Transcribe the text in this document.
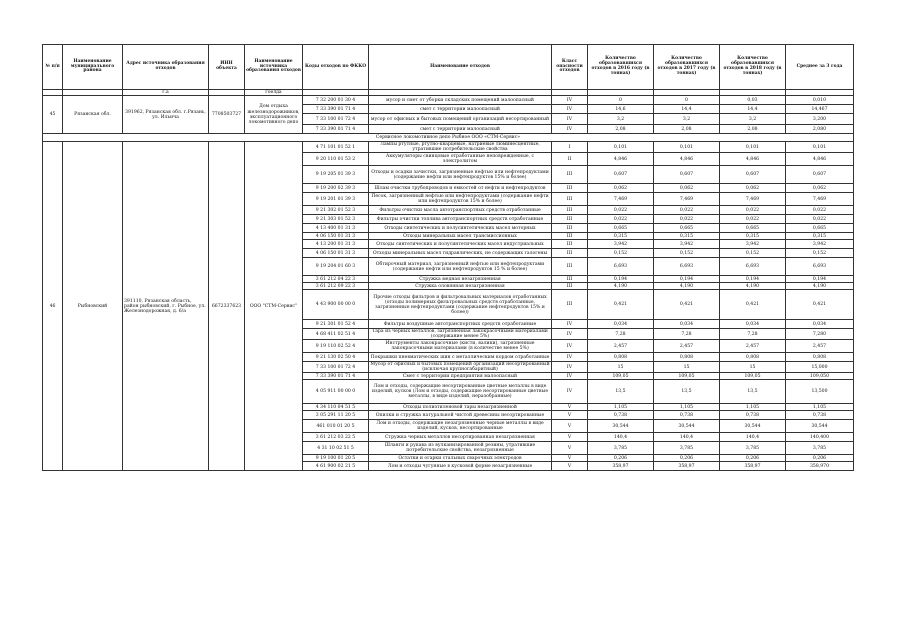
№ п/п	Наименование муниципального района	Адрес источника образования отходов	ИНН объекта	Наименование источника образования отходов	Коды отходов по ФККО	Наименование отходов	Класс опасности отходов	Количество образовавшихся отходов в 2016 году (в тоннах)	Количество образовавшихся отходов в 2017 году (в тоннах)	Количество образовавшихся отходов в 2018 году (в тоннах)	Среднее за 3 года
		г.а		гоелда							
45	Рязанская обл.	391962, Рязанская обл. г.Рязань, ул. Ильича	7708503727	Дом отдыха железнодорожников, эксплуатационного локомотивного депо	7 32 200 01 30 4	мусор и смет от уборки складских помещений малоопасный	IV	0	0	0,03	0,010
					7 33 390 01 71 4	смет с территории малоопасный	IV	14,6	14,4	14,4	14,467
					7 33 100 01 72 4	мусор от офисных и бытовых помещений организаций несортированный	IV	3,2	3,2	3,2	3,200
					7 33 390 01 71 4	смет с территории малоопасный	IV	2,08	2,08	2,08	2,080
Сервисное локомотивное депо Рыбное ООО «СТМ-Сервис»											
46	Рыбновский	391110, Рязанская область, район рыбновский, г. Рыбное, ул. Железнодорожная, д. 6/а	6672337623	ООО "СТМ-Сервис"	4 71 101 01 52 1	Лампы ртутные, ртутно-кварцевые, натриевые люминесцентные, утратившие потребительские свойства	I	0,101	0,101	0,101	0,101
					9 20 110 01 53 2	Аккумуляторы свинцовые отработанные неповрежденные, с электролитом	II	4,846	4,846	4,846	4,846
					9 19 205 01 39 3	Отходы и осадки зачистки, загрязненные нефтью или нефтепродуктами (содержание нефти или нефтепродуктов 15% и более)	III	0,607	0,607	0,607	0,607
					9 19 200 02 39 3	Шлам очистки трубопроводов и емкостей от нефти и нефтепродуктов	III	0,062	0,062	0,062	0,062
					9 19 201 01 39 3	Песок, загрязненный нефтью или нефтепродуктами (содержание нефти или нефтепродуктов 15% и более)	III	7,469	7,469	7,469	7,469
					9 21 302 01 52 3	Фильтры очистки масла автотранспортных средств отработанные	III	0,022	0,022	0,022	0,022
					9 21 303 01 52 3	Фильтры очистки топлива автотранспортных средств отработанные	III	0,022	0,022	0,022	0,022
					4 13 400 01 31 3	Отходы синтетических и полусинтетических масел моторных	III	0,665	0,665	0,665	0,665
					4 06 150 01 31 3	Отходы минеральных масел трансмиссионных	III	0,315	0,315	0,315	0,315
					4 13 200 01 31 3	Отходы синтетических и полусинтетических масел индустриальных	III	3,942	3,942	3,942	3,942
					4 06 150 01 31 3	Отходы минеральных масел гидравлических, не содержащих галогены	III	0,152	0,152	0,152	0,152
					9 19 204 01 60 3	Обтирочный материал, загрязненный нефтью или нефтепродуктами (содержание нефти или нефтепродуктов 15 % и более)	III	6,693	6,693	6,693	6,693
					3 61 212 04 22 3	Стружка медная незагрязненная	III	0,194	0,194	0,194	0,194
					3 61 212 09 22 3	Стружка оловянная незагрязненная	III	4,190	4,190	4,190	4,190
					4 43 900 00 00 0	Прочие отходы фильтров и фильтровальных материалов отработанных (отходы полимерных фильтровальных средств отработанные, загрязненные нефтепродуктами (содержание нефтепродуктов 15% и более))	III	0,421	0,421	0,421	0,421
					9 21 301 01 52 4	Фильтры воздушные автотранспортных средств отработанные	IV	0,034	0,034	0,034	0,034
					4 68 411 02 51 4	Тара из черных металлов, загрязненная лакокрасочными материалами (содержание менее 5%)	IV	7,28	7,28	7,28	7,280
					9 19 110 02 52 4	Инструменты лакокрасочные (кисти, валики), загрязненные лакокрасочными материалами (в количестве менее 5%)	IV	2,457	2,457	2,457	2,457
					9 21 130 02 50 4	Покрышки пневматических шин с металлическим кордом отработанные	IV	0,808	0,808	0,808	0,808
					7 33 100 01 72 4	Мусор от офисных и бытовых помещений организаций несортированный (исключая крупногабаритный)	IV	15	15	15	15,000
					7 33 390 01 71 4	Смет с территории предприятия малоопасный	IV	109,05	109,05	109,05	109,050
					4 05 911 00 00 0	Лом и отходы, содержащие несортированные цветные металлы в виде изделий, кусков (Лом и отходы, содержащие несортированные цветные металлы, в виде изделий, неразобранные)	IV	13,5	13,5	13,5	13,500
					4 34 110 04 51 5	Отходы полиэтиленовой тары незагрязненной	V	1,105	1,105	1,105	1,105
					3 05 291 11 20 5	Опилки и стружка натуральной чистой древесины несортированные	V	0,738	0,738	0,738	0,738
					461 010 01 20 5	Лом и отходы, содержащие незагрязненные черные металлы в виде изделий, кусков, несортированные	V	30,544	30,544	30,544	30,544
					3 61 212 03 22 5	Стружка черных металлов несортированная незагрязненная	V	140,4	140,4	140,4	140,400
					4 31 10 02 51 5	Шланги и рукава из вулканизированной резины, утратившие потребительские свойства, незагрязненные	V	3,785	3,785	3,785	3,785
					9 19 100 01 20 5	Остатки и огарки стальных сварочных электродов	V	0,206	0,206	0,206	0,206
					4 61 900 02 21 5	Лом и отходы чугунные в кусковой форме незагрязненные	V	358,97	358,97	358,97	358,970
